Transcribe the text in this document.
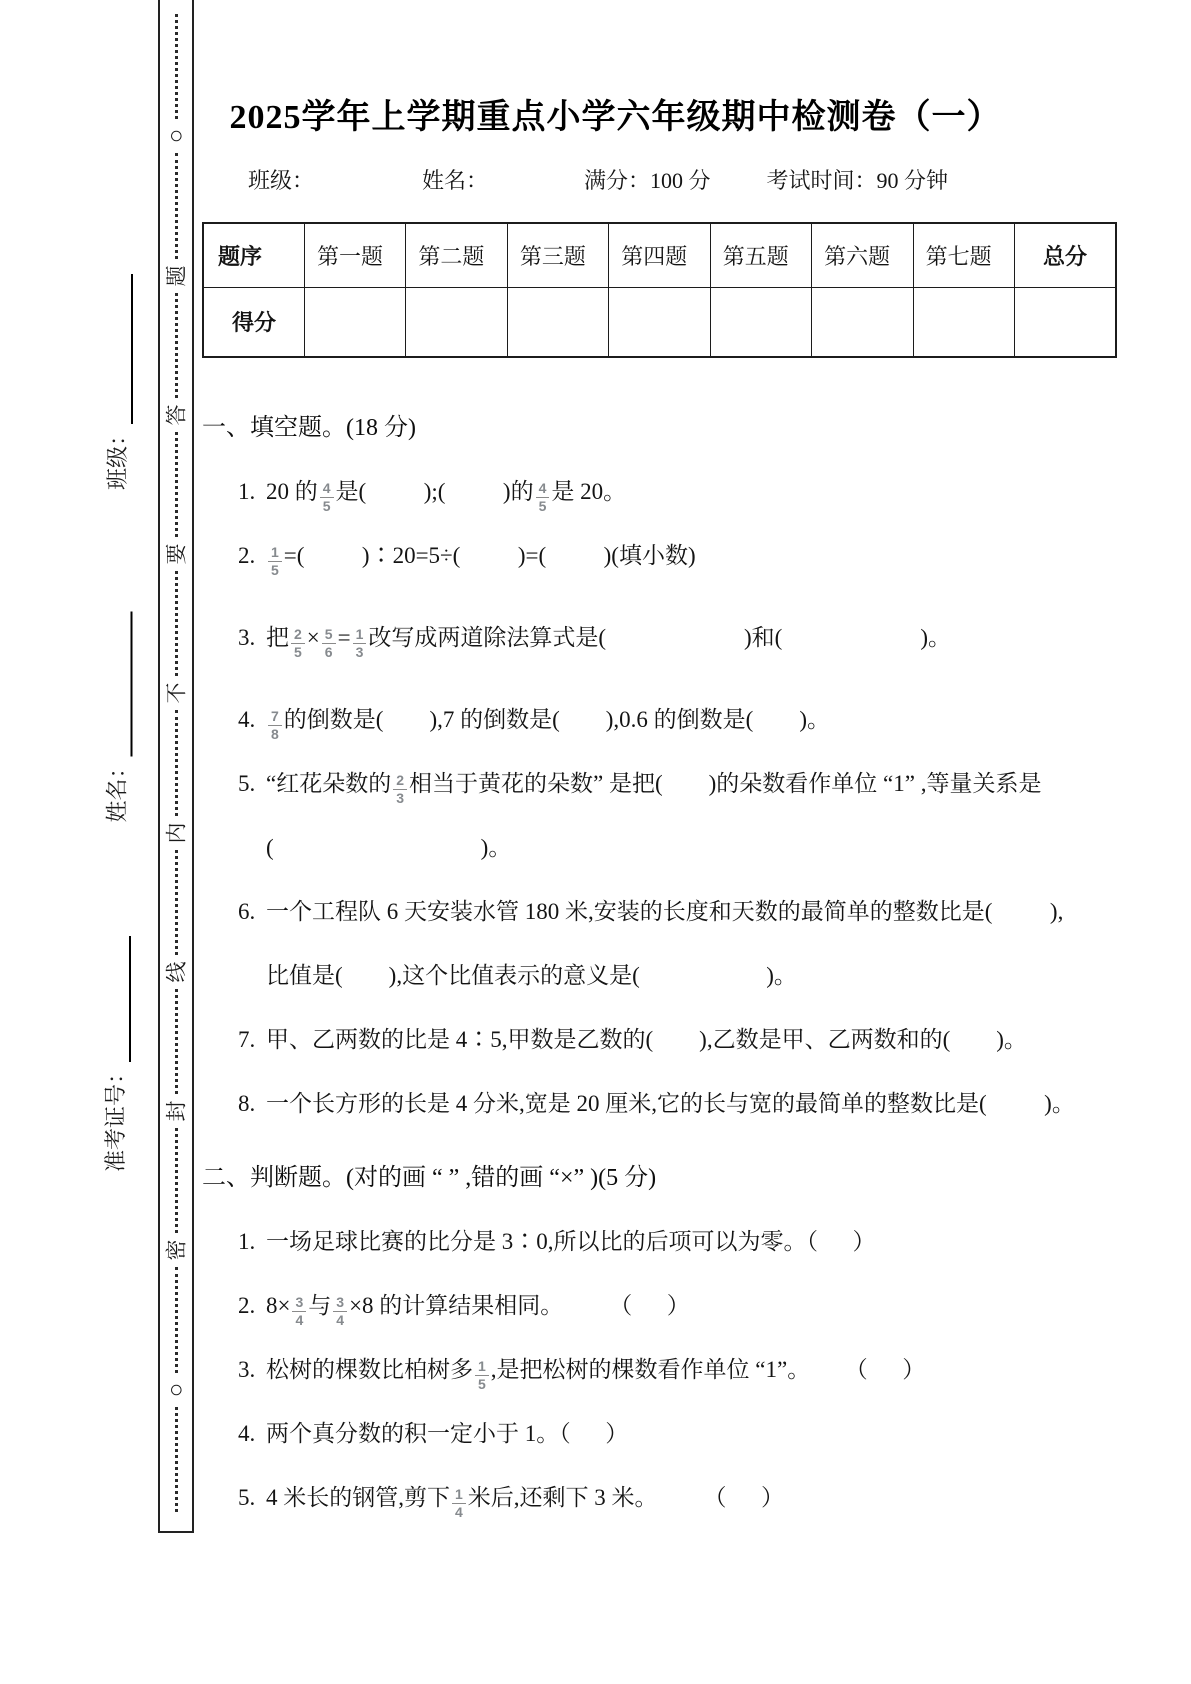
○
题
答
要
不
内
线
封
密
○
班级：
姓名：
准考证号：
2025学年上学期重点小学六年级期中检测卷（一）
班级：	姓名：	满分：100 分	考试时间：90 分钟
题序	第一题	第二题	第三题	第四题	第五题	第六题	第七题	总分
得分								
一、填空题。(18 分)
1. 20 的 $\frac{4}{5}$ 是(          );(          )的 $\frac{4}{5}$ 是 20。
2. $\frac{1}{5}$ =(          )∶20=5÷(          )=(          )(填小数)
3. 把 $\frac{2}{5} \times \frac{5}{6} = \frac{1}{3}$ 改写成两道除法算式是(                        )和(                        )。
4. $\frac{7}{8}$ 的倒数是(        ),7 的倒数是(        ),0.6 的倒数是(        )。
5. “红花朵数的 $\frac{2}{3}$ 相当于黄花的朵数” 是把(        )的朵数看作单位 “1” ,等量关系是
(                                    )。
6. 一个工程队 6 天安装水管 180 米,安装的长度和天数的最简单的整数比是(          ),
比值是(        ),这个比值表示的意义是(                      )。
7. 甲、乙两数的比是 4∶5,甲数是乙数的(        ),乙数是甲、乙两数和的(        )。
8. 一个长方形的长是 4 分米,宽是 20 厘米,它的长与宽的最简单的整数比是(          )。
二、判断题。(对的画 “ ” ,错的画 “×” )(5 分)
1. 一场足球比赛的比分是 3∶0,所以比的后项可以为零。（      ）
2. $8\times \frac{3}{4}$ 与 $\frac{3}{4} \times 8$ 的计算结果相同。        （      ）
3. 松树的棵数比柏树多 $\frac{1}{5}$ ,是把松树的棵数看作单位 “1”。      （      ）
4. 两个真分数的积一定小于 1。（      ）
5. 4 米长的钢管,剪下 $\frac{1}{4}$ 米后,还剩下 3 米。        （      ）
